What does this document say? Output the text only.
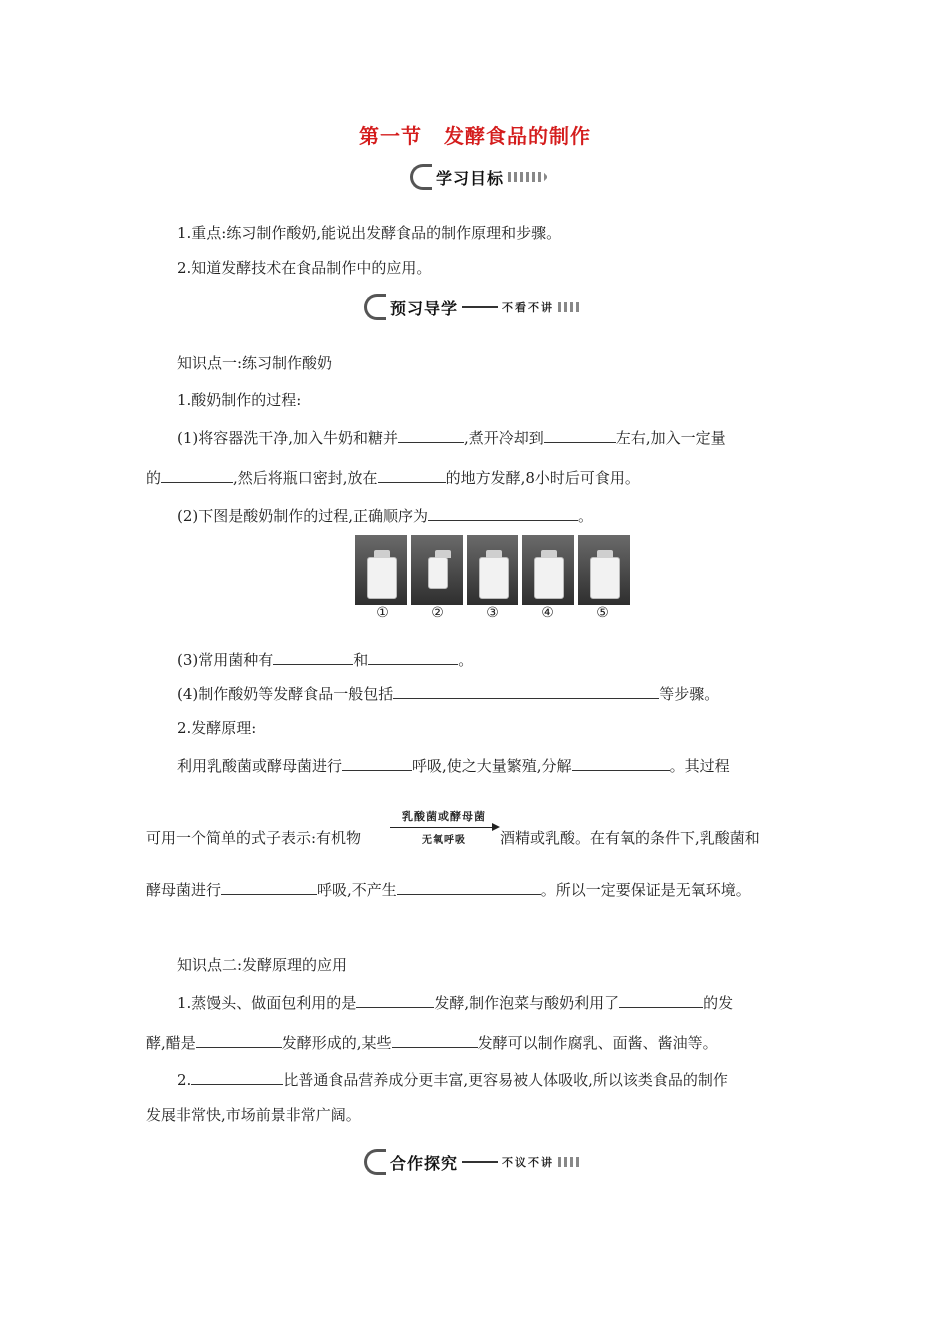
第一节 发酵食品的制作
学习目标
1.重点:练习制作酸奶,能说出发酵食品的制作原理和步骤。
2.知道发酵技术在食品制作中的应用。
预习导学	不看不讲
知识点一:练习制作酸奶
1.酸奶制作的过程:
(1)将容器洗干净,加入牛奶和糖并	,煮开冷却到	左右,加入一定量
的	,然后将瓶口密封,放在	的地方发酵,8小时后可食用。
(2)下图是酸奶制作的过程,正确顺序为	。
①	②	③	④	⑤
(3)常用菌种有	和	。
(4)制作酸奶等发酵食品一般包括	等步骤。
2.发酵原理:
利用乳酸菌或酵母菌进行	呼吸,使之大量繁殖,分解	。其过程
乳酸菌或酵母菌
无氧呼吸
可用一个简单的式子表示:有机物	酒精或乳酸。在有氧的条件下,乳酸菌和
酵母菌进行	呼吸,不产生	。所以一定要保证是无氧环境。
知识点二:发酵原理的应用
1.蒸馒头、做面包利用的是	发酵,制作泡菜与酸奶利用了	的发
酵,醋是	发酵形成的,某些	发酵可以制作腐乳、面酱、酱油等。
2.	比普通食品营养成分更丰富,更容易被人体吸收,所以该类食品的制作
发展非常快,市场前景非常广阔。
合作探究	不议不讲
